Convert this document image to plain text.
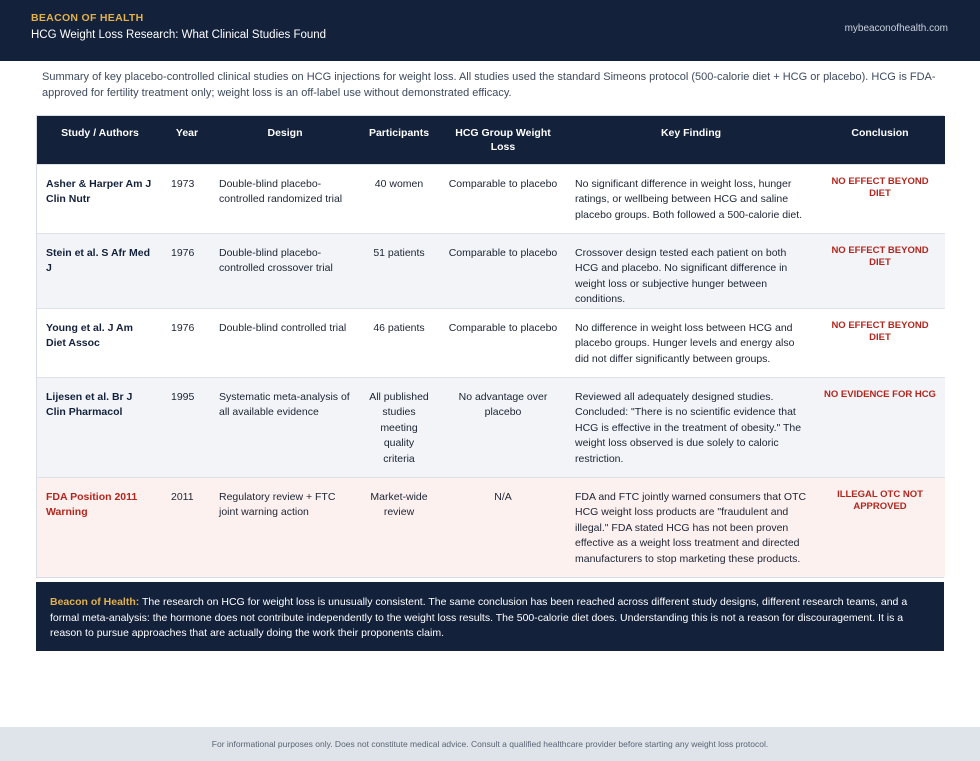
BEACON OF HEALTH
HCG Weight Loss Research: What Clinical Studies Found
mybeaconofhealth.com

Summary of key placebo-controlled clinical studies on HCG injections for weight loss. All studies used the standard Simeons protocol (500-calorie diet + HCG or placebo). HCG is FDA-approved for fertility treatment only; weight loss is an off-label use without demonstrated efficacy.

Study / Authors	Year	Design	Participants	HCG Group Weight Loss	Key Finding	Conclusion
Asher & Harper Am J Clin Nutr	1973	Double-blind placebo-controlled randomized trial	40 women	Comparable to placebo	No significant difference in weight loss, hunger ratings, or wellbeing between HCG and saline placebo groups. Both followed a 500-calorie diet.	NO EFFECT BEYOND DIET
Stein et al. S Afr Med J	1976	Double-blind placebo-controlled crossover trial	51 patients	Comparable to placebo	Crossover design tested each patient on both HCG and placebo. No significant difference in weight loss or subjective hunger between conditions.	NO EFFECT BEYOND DIET
Young et al. J Am Diet Assoc	1976	Double-blind controlled trial	46 patients	Comparable to placebo	No difference in weight loss between HCG and placebo groups. Hunger levels and energy also did not differ significantly between groups.	NO EFFECT BEYOND DIET
Lijesen et al. Br J Clin Pharmacol	1995	Systematic meta-analysis of all available evidence	All published studies meeting quality criteria	No advantage over placebo	Reviewed all adequately designed studies. Concluded: "There is no scientific evidence that HCG is effective in the treatment of obesity." The weight loss observed is due solely to caloric restriction.	NO EVIDENCE FOR HCG
FDA Position 2011 Warning	2011	Regulatory review + FTC joint warning action	Market-wide review	N/A	FDA and FTC jointly warned consumers that OTC HCG weight loss products are "fraudulent and illegal." FDA stated HCG has not been proven effective as a weight loss treatment and directed manufacturers to stop marketing these products.	ILLEGAL OTC NOT APPROVED
Beacon of Health: The research on HCG for weight loss is unusually consistent. The same conclusion has been reached across different study designs, different research teams, and a formal meta-analysis: the hormone does not contribute independently to the weight loss results. The 500-calorie diet does. Understanding this is not a reason for discouragement. It is a reason to pursue approaches that are actually doing the work their proponents claim.
For informational purposes only. Does not constitute medical advice. Consult a qualified healthcare provider before starting any weight loss protocol.
